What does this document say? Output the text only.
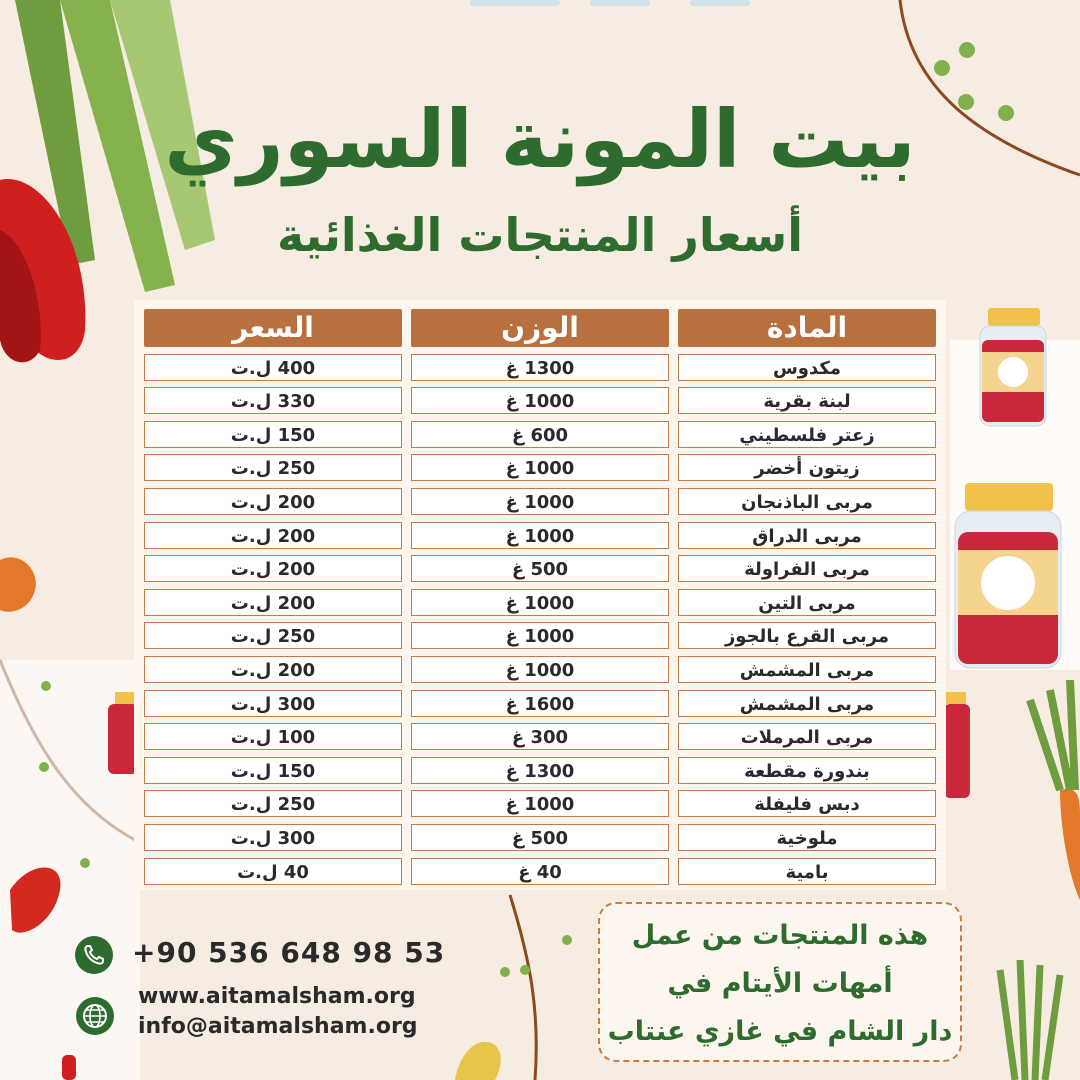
بيت المونة السوري
أسعار المنتجات الغذائية
السعر
400 ل.ت
330 ل.ت
150 ل.ت
250 ل.ت
200 ل.ت
200 ل.ت
200 ل.ت
200 ل.ت
250 ل.ت
200 ل.ت
300 ل.ت
100 ل.ت
150 ل.ت
250 ل.ت
300 ل.ت
40 ل.ت
الوزن
1300 غ
1000 غ
600 غ
1000 غ
1000 غ
1000 غ
500 غ
1000 غ
1000 غ
1000 غ
1600 غ
300 غ
1300 غ
1000 غ
500 غ
40 غ
المادة
مكدوس
لبنة بقرية
زعتر فلسطيني
زيتون أخضر
مربى الباذنجان
مربى الدراق
مربى الفراولة
مربى التين
مربى القرع بالجوز
مربى المشمش
مربى المشمش
مربى المرملات
بندورة مقطعة
دبس فليفلة
ملوخية
بامية
+90 536 648 98 53
www.aitamalsham.org
info@aitamalsham.org
هذه المنتجات من عمل
أمهات الأيتام في
دار الشام في غازي عنتاب
